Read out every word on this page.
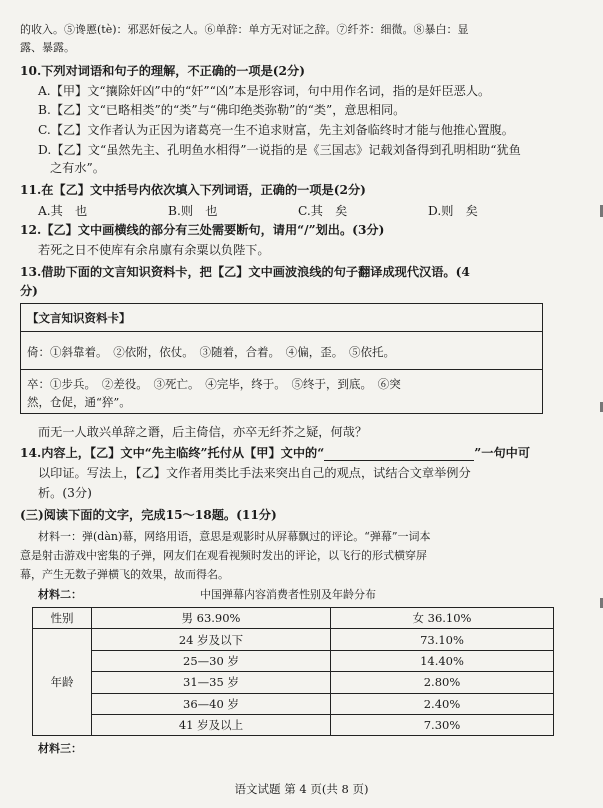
的收入。⑤谗慝(tè)：邪恶奸佞之人。⑥单辞：单方无对证之辞。⑦纤芥：细微。⑧暴白：显
露、暴露。
10.下列对词语和句子的理解，不正确的一项是(2分)
A.【甲】文“攘除奸凶”中的“奸”“凶”本是形容词，句中用作名词，指的是奸臣恶人。
B.【乙】文“已略相类”的“类”与“佛印绝类弥勒”的“类”，意思相同。
C.【乙】文作者认为正因为诸葛亮一生不追求财富，先主刘备临终时才能与他推心置腹。
D.【乙】文“虽然先主、孔明鱼水相得”一说指的是《三国志》记载刘备得到孔明相助“犹鱼
之有水”。
11.在【乙】文中括号内依次填入下列词语，正确的一项是(2分)
A.其　也	B.则　也	C.其　矣	D.则　矣
12.【乙】文中画横线的部分有三处需要断句，请用“/”划出。(3分)
若死之日不使库有余帛廪有余粟以负陛下。
13.借助下面的文言知识资料卡，把【乙】文中画波浪线的句子翻译成现代汉语。(4
分)
【文言知识资料卡】
倚：①斜靠着。　②依附，依仗。　③随着，合着。　④偏，歪。　⑤依托。
卒：①步兵。　②差役。　③死亡。　④完毕，终于。　⑤终于，到底。　⑥突
然，仓促，通“猝”。
而无一人敢兴单辞之谮，后主倚信，亦卒无纤芥之疑，何哉？
14.内容上，【乙】文中“先主临终”托付从【甲】文中的“	”一句中可
以印证。写法上，【乙】文作者用类比手法来突出自己的观点，试结合文章举例分
析。(3分)
(三)阅读下面的文字，完成15～18题。(11分)
材料一：弹(dàn)幕，网络用语，意思是观影时从屏幕飘过的评论。“弹幕”一词本
意是射击游戏中密集的子弹，网友们在观看视频时发出的评论，以飞行的形式横穿屏
幕，产生无数子弹横飞的效果，故而得名。
材料二：	中国弹幕内容消费者性别及年龄分布
性别	男 63.90%	女 36.10%
年龄	24 岁及以下	73.10%
	25—30 岁	14.40%
	31—35 岁	2.80%
	36—40 岁	2.40%
	41 岁及以上	7.30%
材料三：
语文试题 第 4 页(共 8 页)
